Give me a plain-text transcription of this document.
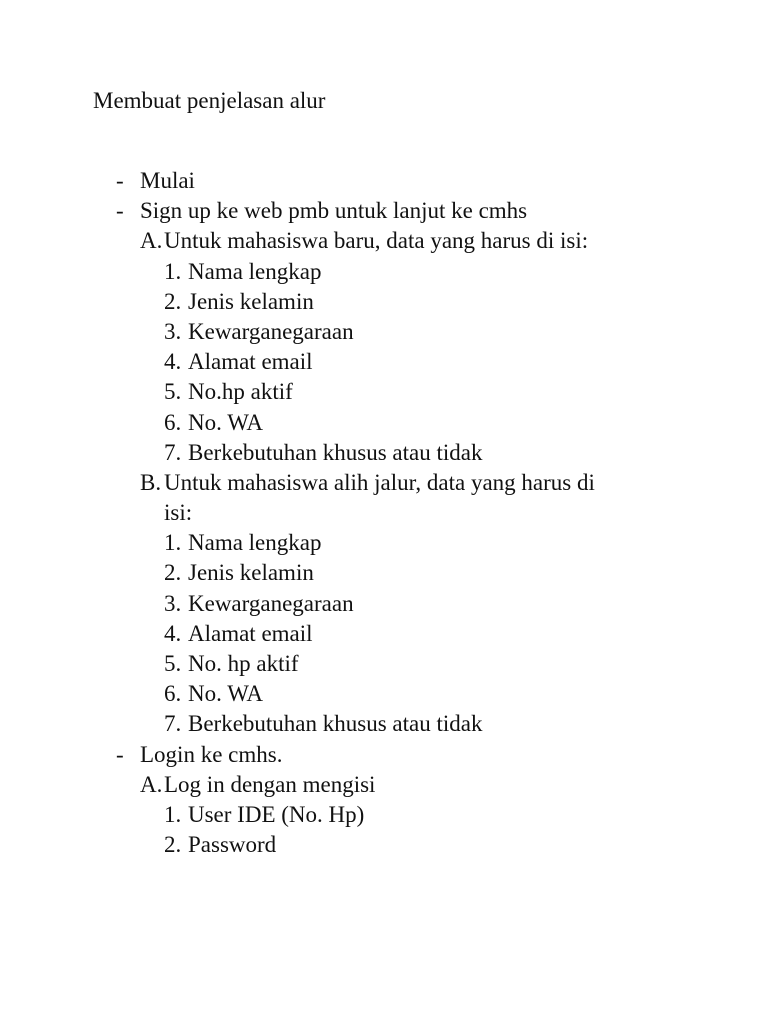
Membuat penjelasan alur
- Mulai
- Sign up ke web pmb untuk lanjut ke cmhs
A. Untuk mahasiswa baru, data yang harus di isi:
1. Nama lengkap
2. Jenis kelamin
3. Kewarganegaraan
4. Alamat email
5. No.hp aktif
6. No. WA
7. Berkebutuhan khusus atau tidak
B. Untuk mahasiswa alih jalur, data yang harus di
isi:
1. Nama lengkap
2. Jenis kelamin
3. Kewarganegaraan
4. Alamat email
5. No. hp aktif
6. No. WA
7. Berkebutuhan khusus atau tidak
- Login ke cmhs.
A. Log in dengan mengisi
1. User IDE (No. Hp)
2. Password
